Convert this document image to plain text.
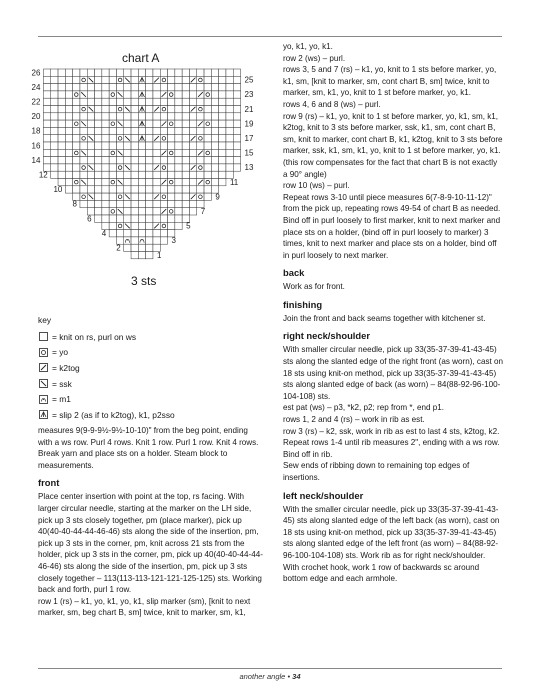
chart A
26
24
22
20
18
16
14
12
10
8
6
4
2
25
23
21
19
17
15
13
11
9
7
5
3
1
3 sts
key
= knit on rs, purl on ws
= yo
= k2tog
= ssk
= m1
= slip 2 (as if to k2tog), k1, p2sso

measures 9(9-9-9½-9½-10-10)" from the beg point, ending with a ws row. Purl 4 rows. Knit 1 row. Purl 1 row. Knit 4 rows. Break yarn and place sts on a holder. Steam block to measurements.

front

Place center insertion with point at the top, rs facing. With larger circular needle, starting at the marker on the LH side, pick up 3 sts closely together, pm (place marker), pick up 40(40-40-44-44-46-46) sts along the side of the insertion, pm, pick up 3 sts in the corner, pm, knit across 21 sts from the holder, pick up 3 sts in the corner, pm, pick up 40(40-40-44-44-46-46) sts along the side of the insertion, pm, pick up 3 sts closely together – 113(113-113-121-121-125-125) sts. Working back and forth, purl 1 row.

row 1 (rs) – k1, yo, k1, yo, k1, slip marker (sm), [knit to next marker, sm, beg chart B, sm] twice, knit to marker, sm, k1,

yo, k1, yo, k1.

row 2 (ws) – purl.

rows 3, 5 and 7 (rs) – k1, yo, knit to 1 sts before marker, yo, k1, sm, [knit to marker, sm, cont chart B, sm] twice, knit to marker, sm, k1, yo, knit to 1 st before marker, yo, k1.

rows 4, 6 and 8 (ws) – purl.

row 9 (rs) – k1, yo, knit to 1 st before marker, yo, k1, sm, k1, k2tog, knit to 3 sts before marker, ssk, k1, sm, cont chart B, sm, knit to marker, cont chart B, k1, k2tog, knit to 3 sts before marker, ssk, k1, sm, k1, yo, knit to 1 st before marker, yo, k1. (this row compensates for the fact that chart B is not exactly a 90° angle)

row 10 (ws) – purl.

Repeat rows 3-10 until piece measures 6(7-8-9-10-11-12)" from the pick up, repeating rows 49-54 of chart B as needed.

Bind off in purl loosely to first marker, knit to next marker and place sts on a holder, (bind off in purl loosely to marker) 3 times, knit to next marker and place sts on a holder, bind off in purl loosely to next marker.

back

Work as for front.

finishing

Join the front and back seams together with kitchener st.

right neck/shoulder

With smaller circular needle, pick up 33(35-37-39-41-43-45) sts along the slanted edge of the right front (as worn), cast on 18 sts using knit-on method, pick up 33(35-37-39-41-43-45) sts along slanted edge of back (as worn) – 84(88-92-96-100-104-108) sts.

est pat (ws) – p3, *k2, p2; rep from *, end p1.

rows 1, 2 and 4 (rs) – work in rib as est.

row 3 (rs) – k2, ssk, work in rib as est to last 4 sts, k2tog, k2.

Repeat rows 1-4 until rib measures 2", ending with a ws row. Bind off in rib.

Sew ends of ribbing down to remaining top edges of insertions.

left neck/shoulder

With the smaller circular needle, pick up 33(35-37-39-41-43-45) sts along slanted edge of the left back (as worn), cast on 18 sts using knit-on method, pick up 33(35-37-39-41-43-45) sts along slanted edge of the left front (as worn) – 84(88-92-96-100-104-108) sts. Work rib as for right neck/shoulder.

With crochet hook, work 1 row of backwards sc around bottom edge and each armhole.

another angle • 34
